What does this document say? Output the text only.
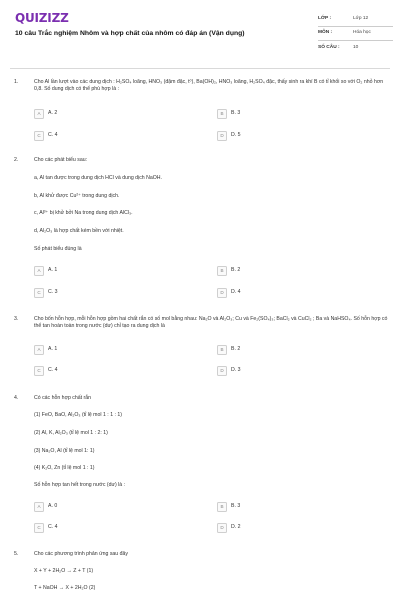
QUIZIZZ
10 câu Trắc nghiệm Nhôm và hợp chất của nhôm có đáp án (Vận dụng)
LỚP :	Lớp 12
MÔN :	Hóa học
SỐ CÂU :	10
1.	Cho Al lần lượt vào các dung dịch : H₂SO₄ loãng, HNO₃ (đậm đặc, t⁰), Ba(OH)₂, HNO₃ loãng, H₂SO₄ đặc, thấy sinh ra khí B có tỉ khối so với O₂ nhỏ hơn 0,8. Số dung dịch có thể phù hợp là :
A	A. 2	B	B. 3
C	C. 4	D	D. 5
2.	Cho các phát biểu sau:
a, Al tan được trong dung dịch HCl và dung dịch NaOH.
b, Al khử được Cu²⁺ trong dung dịch.
c, Al³⁺ bị khử bởi Na trong dung dịch AlCl₃.
d, Al₂O₃ là hợp chất kém bền với nhiệt.
Số phát biểu đúng là
A	A. 1	B	B. 2
C	C. 3	D	D. 4
3.	Cho bốn hỗn hợp, mỗi hỗn hợp gồm hai chất rắn có số mol bằng nhau: Na₂O và Al₂O₃; Cu và Fe₂(SO₄)₃; BaCl₂ và CuCl₂ ; Ba và NaHSO₄. Số hỗn hợp có thể tan hoàn toàn trong nước (dư) chỉ tạo ra dung dịch là
A	A. 1	B	B. 2
C	C. 4	D	D. 3
4.	Có các hỗn hợp chất rắn
(1) FeO, BaO, Al₂O₃ (tỉ lệ mol 1 : 1 : 1)
(2) Al, K, Al₂O₃ (tỉ lệ mol 1 : 2: 1)
(3) Na₂O, Al (tỉ lệ mol 1: 1)
(4) K₂O, Zn (tỉ lệ mol 1 : 1)
Số hỗn hợp tan hết trong nước (dư) là :
A	A. 0	B	B. 3
C	C. 4	D	D. 2
5.	Cho các phương trình phản ứng sau đây
X + Y + 2H₂O → Z + T (1)
T + NaOH → X + 2H₂O (2)
